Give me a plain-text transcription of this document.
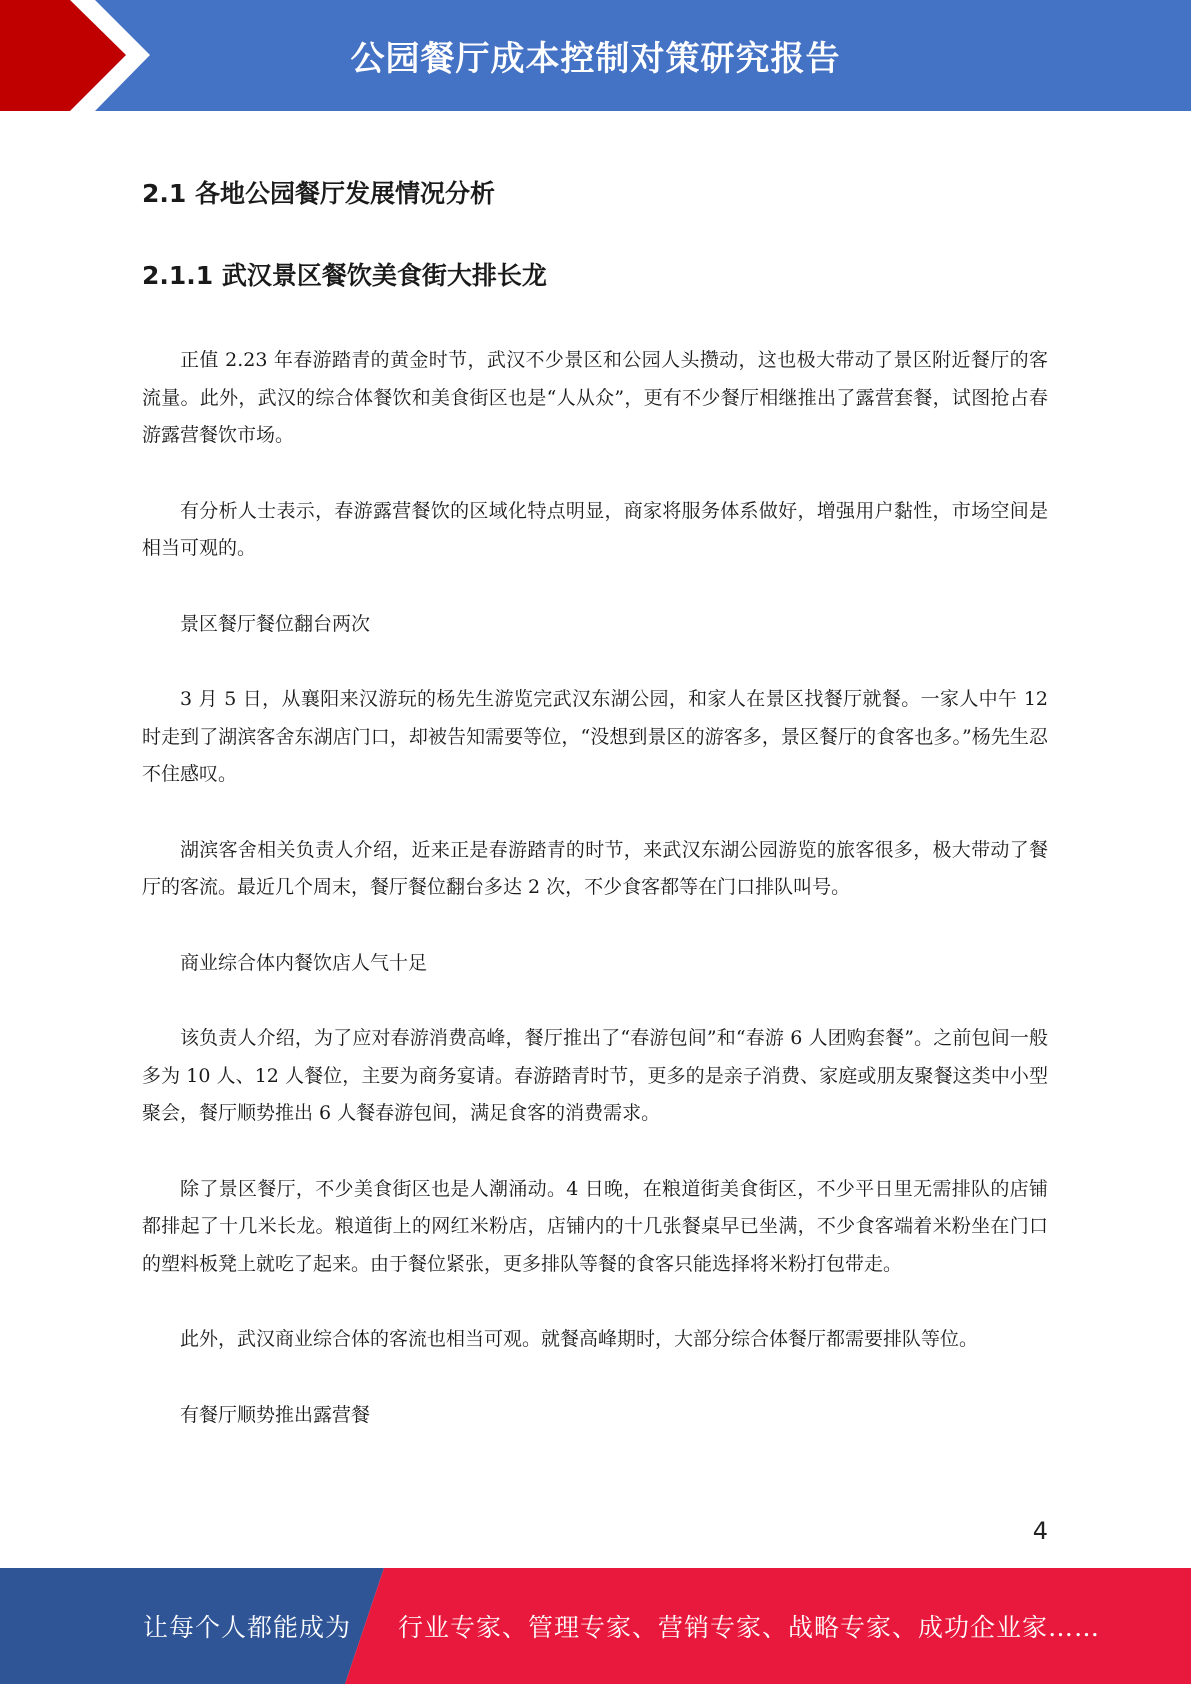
公园餐厅成本控制对策研究报告
2.1 各地公园餐厅发展情况分析
2.1.1 武汉景区餐饮美食街大排长龙

正值 2.23 年春游踏青的黄金时节，武汉不少景区和公园人头攒动，这也极大带动了景区附近餐厅的客流量。此外，武汉的综合体餐饮和美食街区也是“人从众”，更有不少餐厅相继推出了露营套餐，试图抢占春游露营餐饮市场。

有分析人士表示，春游露营餐饮的区域化特点明显，商家将服务体系做好，增强用户黏性，市场空间是相当可观的。

景区餐厅餐位翻台两次

3 月 5 日，从襄阳来汉游玩的杨先生游览完武汉东湖公园，和家人在景区找餐厅就餐。一家人中午 12 时走到了湖滨客舍东湖店门口，却被告知需要等位，“没想到景区的游客多，景区餐厅的食客也多。”杨先生忍不住感叹。

湖滨客舍相关负责人介绍，近来正是春游踏青的时节，来武汉东湖公园游览的旅客很多，极大带动了餐厅的客流。最近几个周末，餐厅餐位翻台多达 2 次，不少食客都等在门口排队叫号。

商业综合体内餐饮店人气十足

该负责人介绍，为了应对春游消费高峰，餐厅推出了“春游包间”和“春游 6 人团购套餐”。之前包间一般多为 10 人、12 人餐位，主要为商务宴请。春游踏青时节，更多的是亲子消费、家庭或朋友聚餐这类中小型聚会，餐厅顺势推出 6 人餐春游包间，满足食客的消费需求。

除了景区餐厅，不少美食街区也是人潮涌动。4 日晚，在粮道街美食街区，不少平日里无需排队的店铺都排起了十几米长龙。粮道街上的网红米粉店，店铺内的十几张餐桌早已坐满，不少食客端着米粉坐在门口的塑料板凳上就吃了起来。由于餐位紧张，更多排队等餐的食客只能选择将米粉打包带走。

此外，武汉商业综合体的客流也相当可观。就餐高峰期时，大部分综合体餐厅都需要排队等位。

有餐厅顺势推出露营餐

4
让每个人都能成为 行业专家、管理专家、营销专家、战略专家、成功企业家……
